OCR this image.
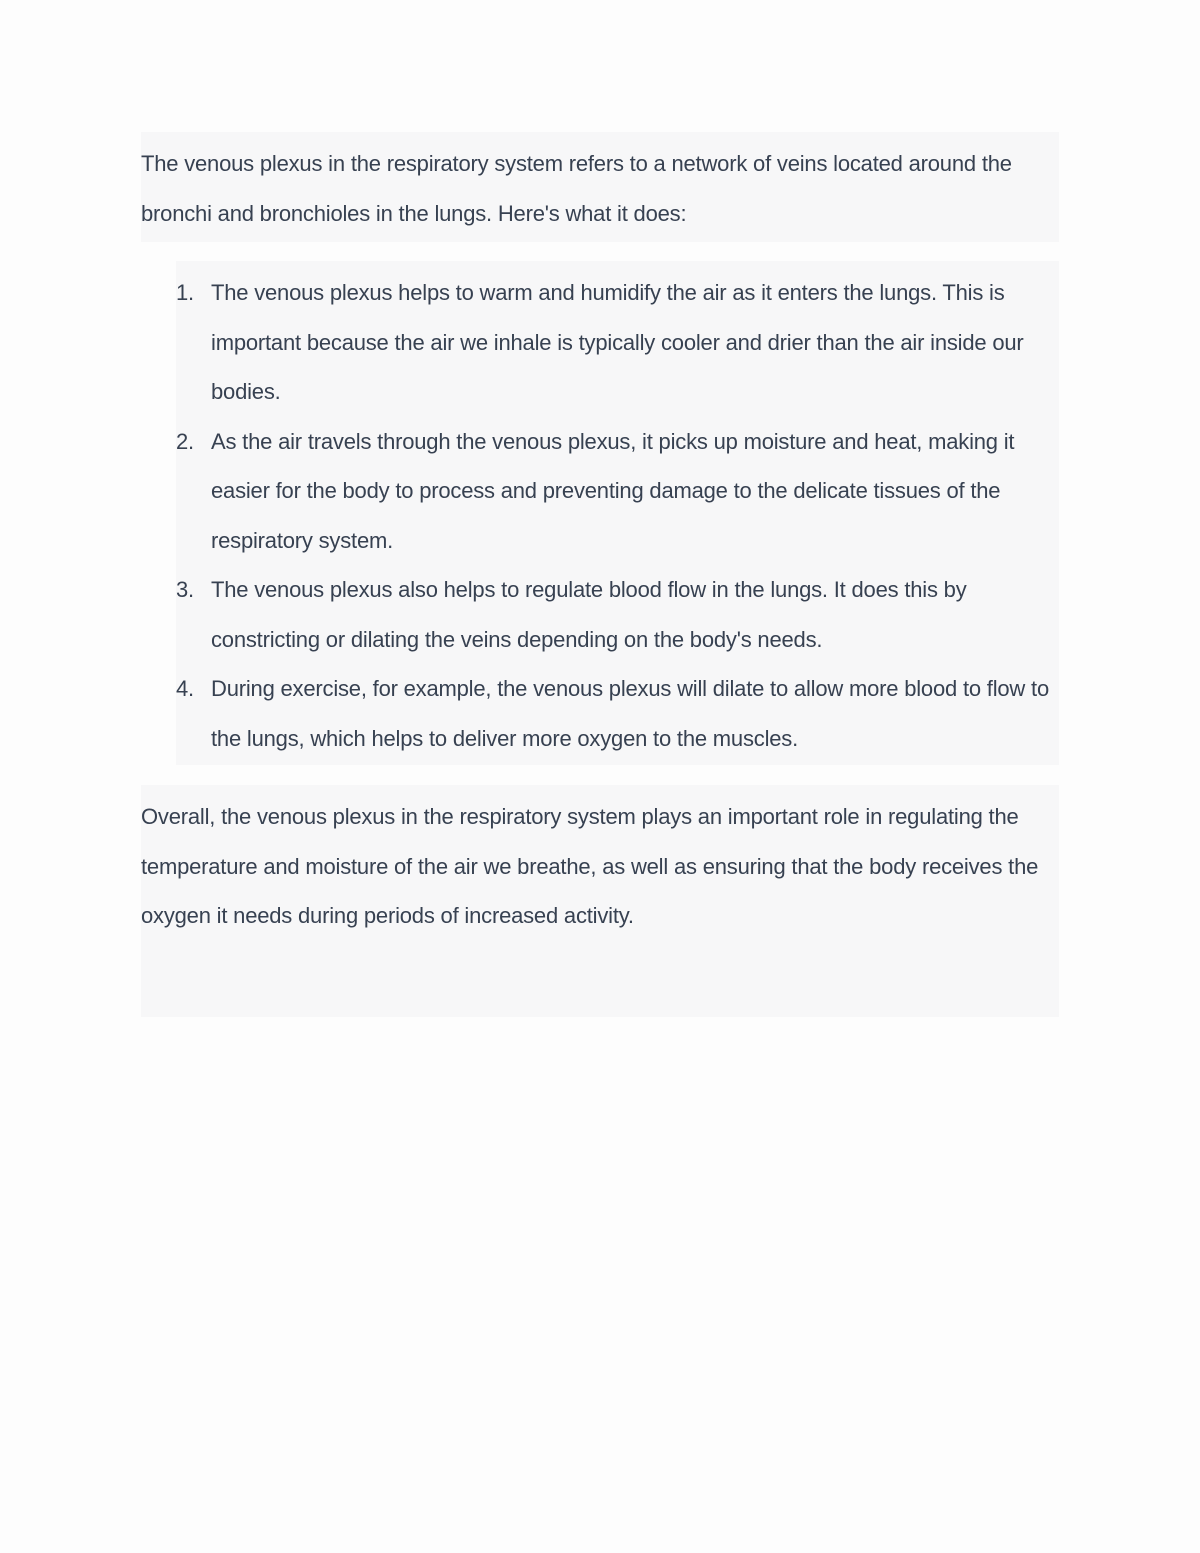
The venous plexus in the respiratory system refers to a network of veins located around the bronchi and bronchioles in the lungs. Here's what it does:

1. The venous plexus helps to warm and humidify the air as it enters the lungs. This is important because the air we inhale is typically cooler and drier than the air inside our bodies.
2. As the air travels through the venous plexus, it picks up moisture and heat, making it easier for the body to process and preventing damage to the delicate tissues of the respiratory system.
3. The venous plexus also helps to regulate blood flow in the lungs. It does this by constricting or dilating the veins depending on the body's needs.
4. During exercise, for example, the venous plexus will dilate to allow more blood to flow to the lungs, which helps to deliver more oxygen to the muscles.

Overall, the venous plexus in the respiratory system plays an important role in regulating the temperature and moisture of the air we breathe, as well as ensuring that the body receives the oxygen it needs during periods of increased activity.
